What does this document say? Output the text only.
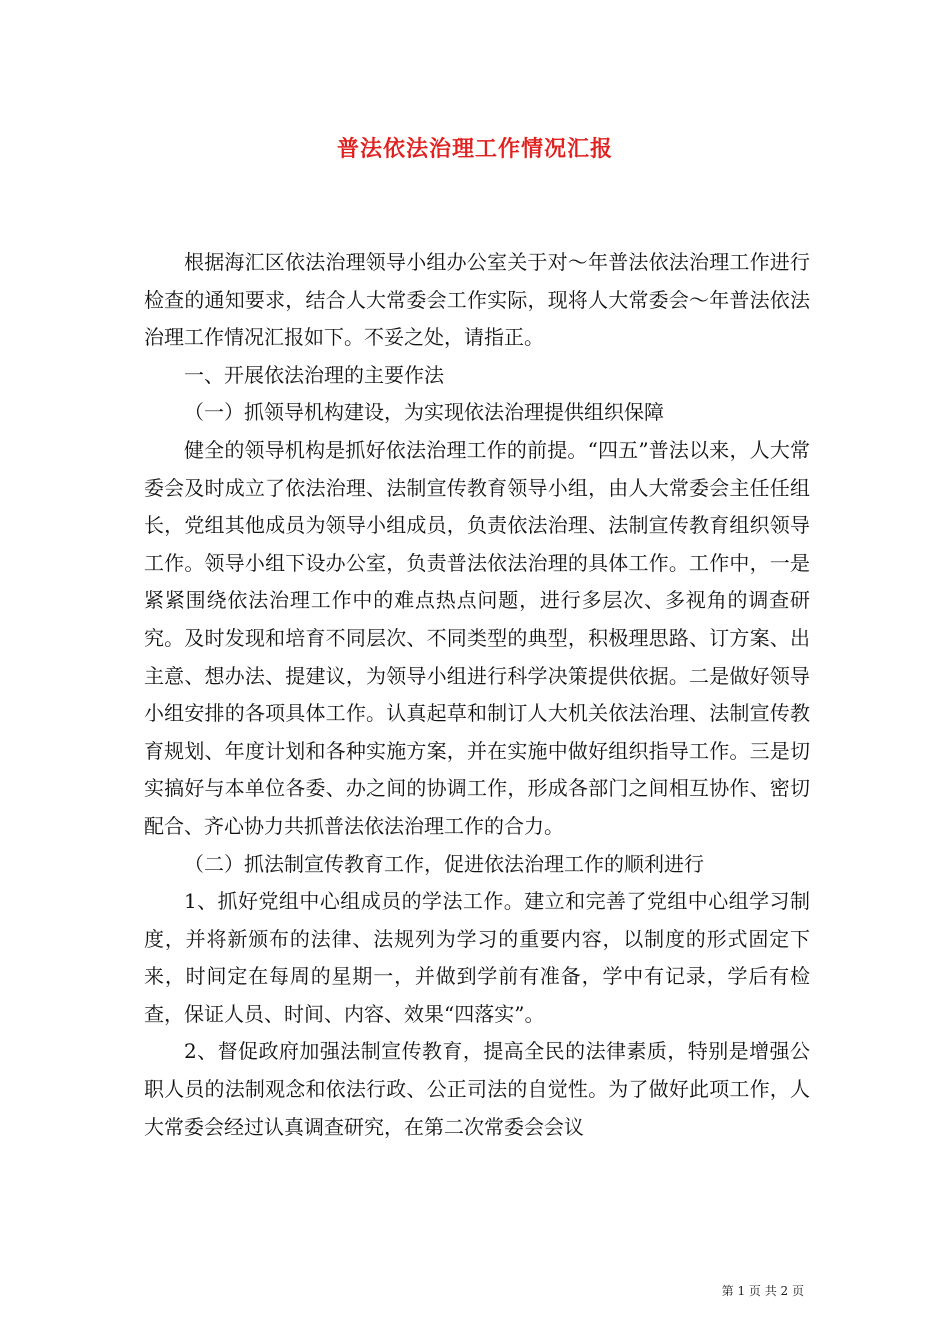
普法依法治理工作情况汇报

根据海汇区依法治理领导小组办公室关于对～年普法依法治理工作进行检查的通知要求，结合人大常委会工作实际，现将人大常委会～年普法依法治理工作情况汇报如下。不妥之处，请指正。

一、开展依法治理的主要作法

（一）抓领导机构建设，为实现依法治理提供组织保障

健全的领导机构是抓好依法治理工作的前提。“四五”普法以来，人大常委会及时成立了依法治理、法制宣传教育领导小组，由人大常委会主任任组长，党组其他成员为领导小组成员，负责依法治理、法制宣传教育组织领导工作。领导小组下设办公室，负责普法依法治理的具体工作。工作中，一是紧紧围绕依法治理工作中的难点热点问题，进行多层次、多视角的调查研究。及时发现和培育不同层次、不同类型的典型，积极理思路、订方案、出主意、想办法、提建议，为领导小组进行科学决策提供依据。二是做好领导小组安排的各项具体工作。认真起草和制订人大机关依法治理、法制宣传教育规划、年度计划和各种实施方案，并在实施中做好组织指导工作。三是切实搞好与本单位各委、办之间的协调工作，形成各部门之间相互协作、密切配合、齐心协力共抓普法依法治理工作的合力。

（二）抓法制宣传教育工作，促进依法治理工作的顺利进行

1、抓好党组中心组成员的学法工作。建立和完善了党组中心组学习制度，并将新颁布的法律、法规列为学习的重要内容，以制度的形式固定下来，时间定在每周的星期一，并做到学前有准备，学中有记录，学后有检查，保证人员、时间、内容、效果“四落实”。

2、督促政府加强法制宣传教育，提高全民的法律素质，特别是增强公职人员的法制观念和依法行政、公正司法的自觉性。为了做好此项工作，人大常委会经过认真调查研究，在第二次常委会会议

第 1 页 共 2 页
